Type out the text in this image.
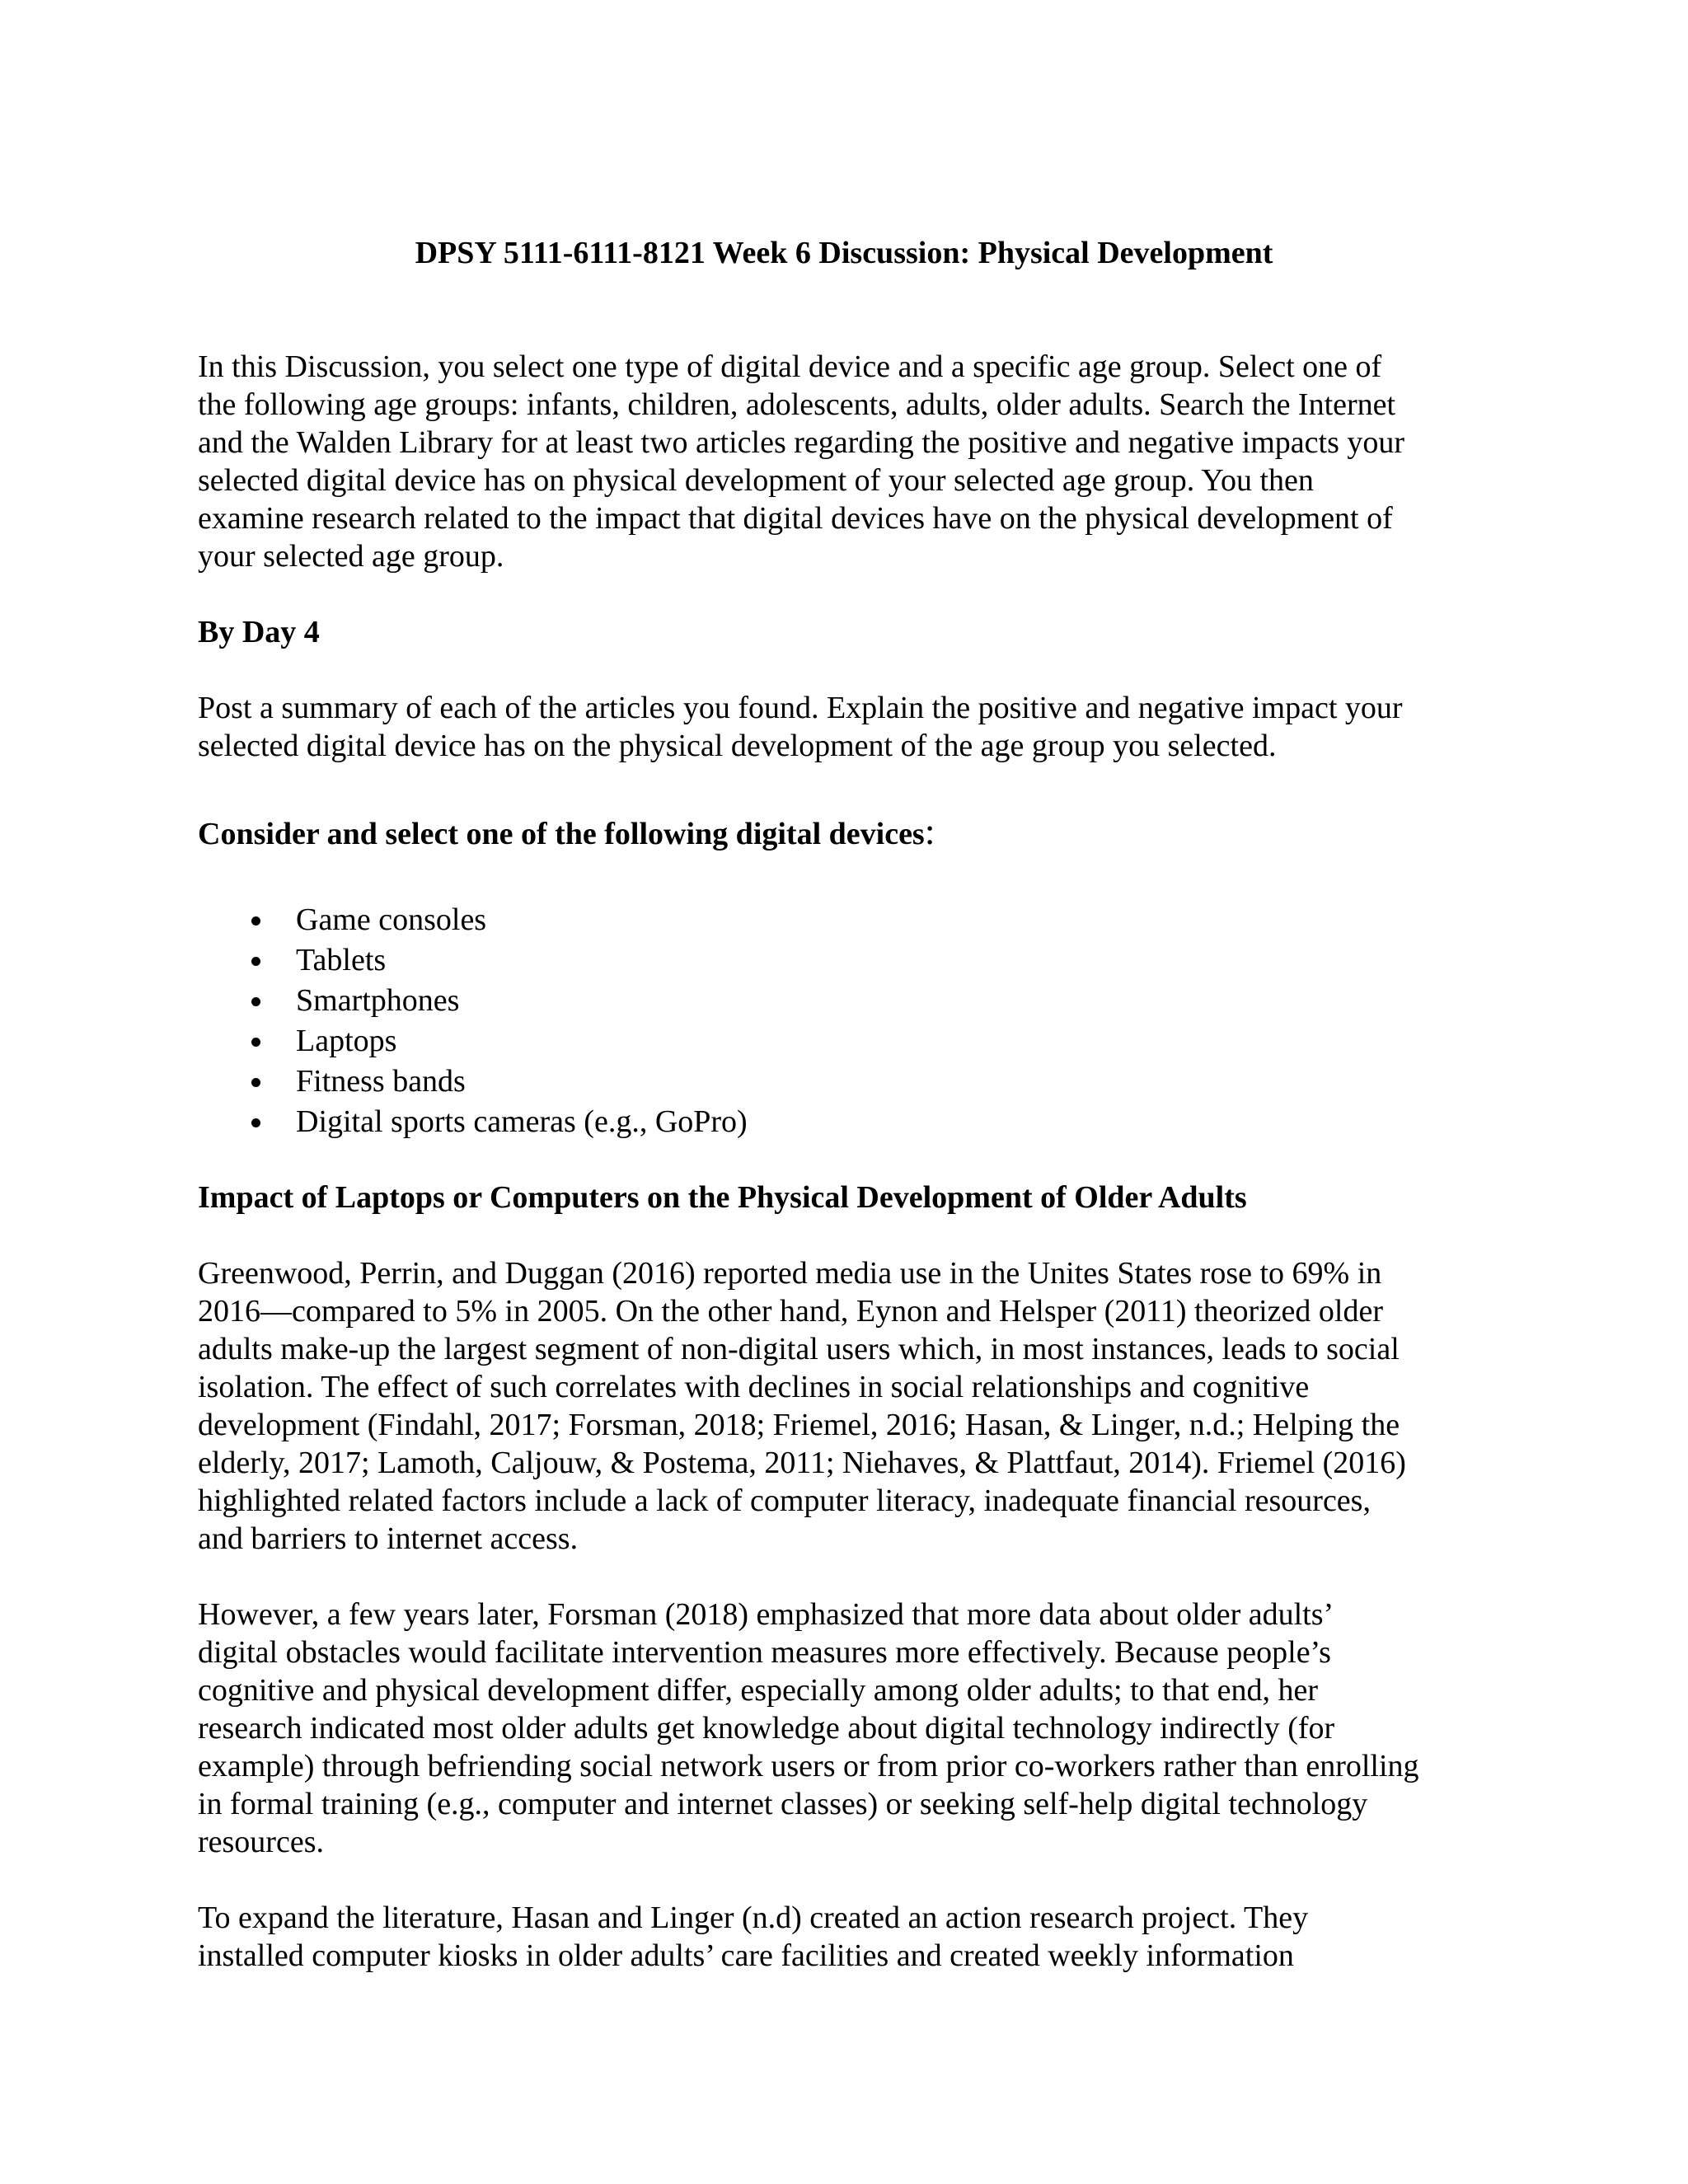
DPSY 5111-6111-8121 Week 6 Discussion: Physical Development
In this Discussion, you select one type of digital device and a specific age group. Select one of
the following age groups: infants, children, adolescents, adults, older adults. Search the Internet
and the Walden Library for at least two articles regarding the positive and negative impacts your
selected digital device has on physical development of your selected age group. You then
examine research related to the impact that digital devices have on the physical development of
your selected age group.
By Day 4
Post a summary of each of the articles you found. Explain the positive and negative impact your
selected digital device has on the physical development of the age group you selected.
Consider and select one of the following digital devices:
Game consoles
Tablets
Smartphones
Laptops
Fitness bands
Digital sports cameras (e.g., GoPro)
Impact of Laptops or Computers on the Physical Development of Older Adults
Greenwood, Perrin, and Duggan (2016) reported media use in the Unites States rose to 69% in
2016—compared to 5% in 2005. On the other hand, Eynon and Helsper (2011) theorized older
adults make-up the largest segment of non-digital users which, in most instances, leads to social
isolation. The effect of such correlates with declines in social relationships and cognitive
development (Findahl, 2017; Forsman, 2018; Friemel, 2016; Hasan, & Linger, n.d.; Helping the
elderly, 2017; Lamoth, Caljouw, & Postema, 2011; Niehaves, & Plattfaut, 2014). Friemel (2016)
highlighted related factors include a lack of computer literacy, inadequate financial resources,
and barriers to internet access.
However, a few years later, Forsman (2018) emphasized that more data about older adults’
digital obstacles would facilitate intervention measures more effectively. Because people’s
cognitive and physical development differ, especially among older adults; to that end, her
research indicated most older adults get knowledge about digital technology indirectly (for
example) through befriending social network users or from prior co-workers rather than enrolling
in formal training (e.g., computer and internet classes) or seeking self-help digital technology
resources.
To expand the literature, Hasan and Linger (n.d) created an action research project. They
installed computer kiosks in older adults’ care facilities and created weekly information
